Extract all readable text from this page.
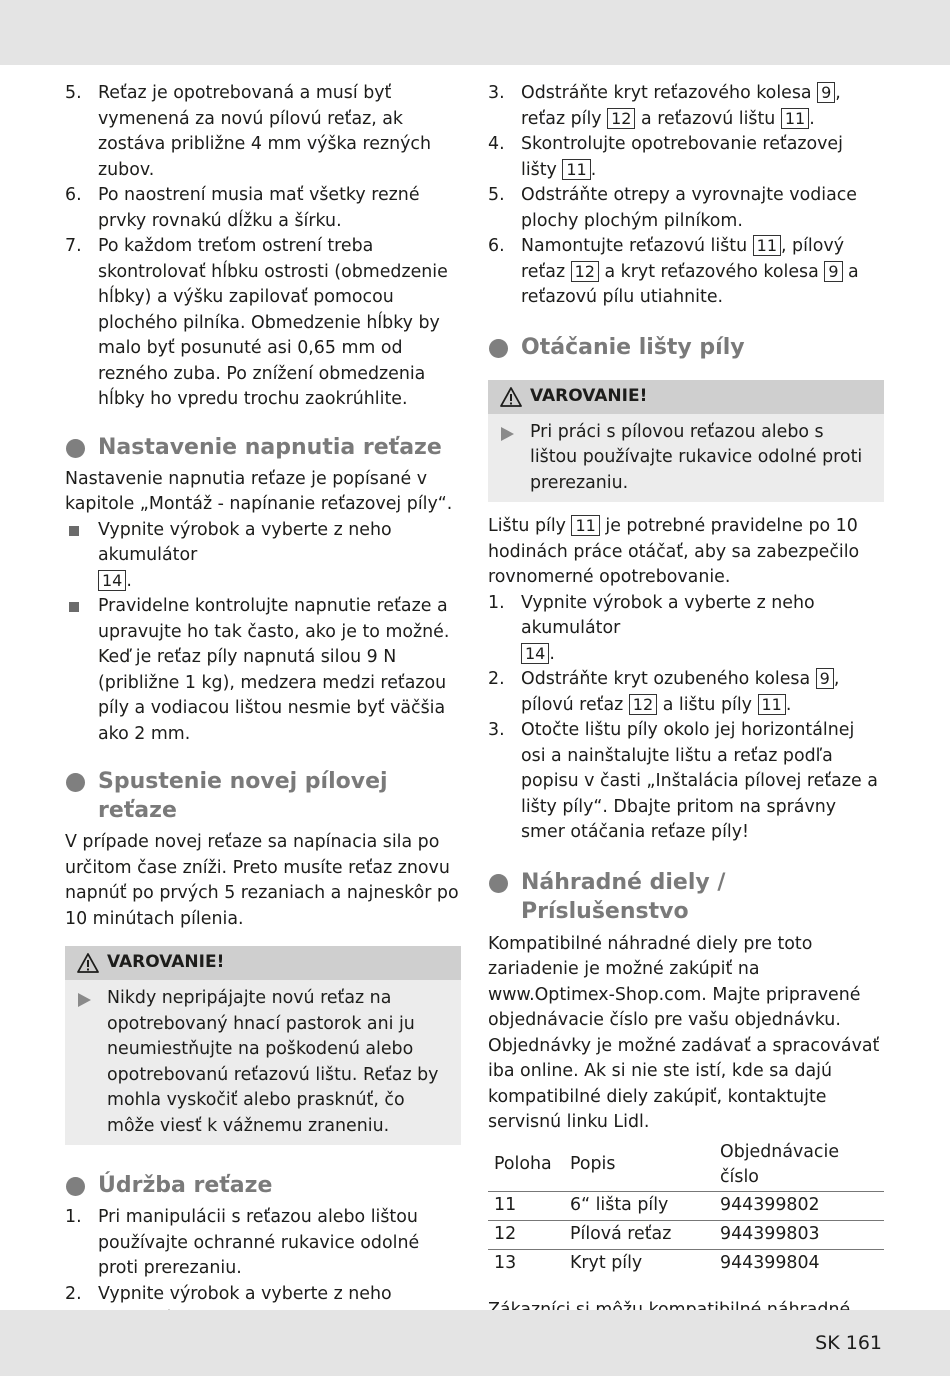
5. Reťaz je opotrebovaná a musí byť vymenená za novú pílovú reťaz, ak zostáva približne 4 mm výška rezných zubov.
6. Po naostrení musia mať všetky rezné prvky rovnakú dĺžku a šírku.
7. Po každom treťom ostrení treba skontrolovať hĺbku ostrosti (obmedzenie hĺbky) a výšku zapilovať pomocou plochého pilníka. Obmedzenie hĺbky by malo byť posunuté asi 0,65 mm od rezného zuba. Po znížení obmedzenia hĺbky ho vpredu trochu zaokrúhlite.
Nastavenie napnutia reťaze

Nastavenie napnutia reťaze je popísané v kapitole „Montáž - napínanie reťazovej píly“.

Vypnite výrobok a vyberte z neho akumulátor
14 .
Pravidelne kontrolujte napnutie reťaze a upravujte ho tak často, ako je to možné. Keď je reťaz píly napnutá silou 9 N (približne 1 kg), medzera medzi reťazou píly a vodiacou lištou nesmie byť väčšia ako 2 mm.
Spustenie novej pílovej reťaze

V prípade novej reťaze sa napínacia sila po určitom čase zníži. Preto musíte reťaz znovu napnúť po prvých 5 rezaniach a najneskôr po 10 minútach pílenia.

VAROVANIE!
Nikdy nepripájajte novú reťaz na opotrebovaný hnací pastorok ani ju neumiestňujte na poškodenú alebo opotrebovanú reťazovú lištu. Reťaz by mohla vyskočiť alebo prasknúť, čo môže viesť k vážnemu zraneniu.
Údržba reťaze
1. Pri manipulácii s reťazou alebo lištou používajte ochranné rukavice odolné proti prerezaniu.
2. Vypnite výrobok a vyberte z neho

3. Odstráňte kryt reťazového kolesa 9 , reťaz píly 12 a reťazovú lištu 11 .
4. Skontrolujte opotrebovanie reťazovej lišty 11 .
5. Odstráňte otrepy a vyrovnajte vodiace plochy plochým pilníkom.
6. Namontujte reťazovú lištu 11 , pílový reťaz 12 a kryt reťazového kolesa 9 a reťazovú pílu utiahnite.
Otáčanie lišty píly
VAROVANIE!
Pri práci s pílovou reťazou alebo s lištou používajte rukavice odolné proti prerezaniu.

Lištu píly 11 je potrebné pravidelne po 10 hodinách práce otáčať, aby sa zabezpečilo rovnomerné opotrebovanie.

1. Vypnite výrobok a vyberte z neho akumulátor
14 .
2. Odstráňte kryt ozubeného kolesa 9 , pílovú reťaz 12 a lištu píly 11 .
3. Otočte lištu píly okolo jej horizontálnej osi a nainštalujte lištu a reťaz podľa popisu v časti „Inštalácia pílovej reťaze a lišty píly“. Dbajte pritom na správny smer otáčania reťaze píly!
Náhradné diely /
Príslušenstvo

Kompatibilné náhradné diely pre toto zariadenie je možné zakúpiť na www.Optimex-Shop.com. Majte pripravené objednávacie číslo pre vašu objednávku. Objednávky je možné zadávať a spracovávať iba online. Ak si nie ste istí, kde sa dajú kompatibilné diely zakúpiť, kontaktujte servisnú linku Lidl.

Poloha	Popis	Objednávacie číslo
11	6“ lišta píly	944399802
12	Pílová reťaz	944399803
13	Kryt píly	944399804

SK 161
